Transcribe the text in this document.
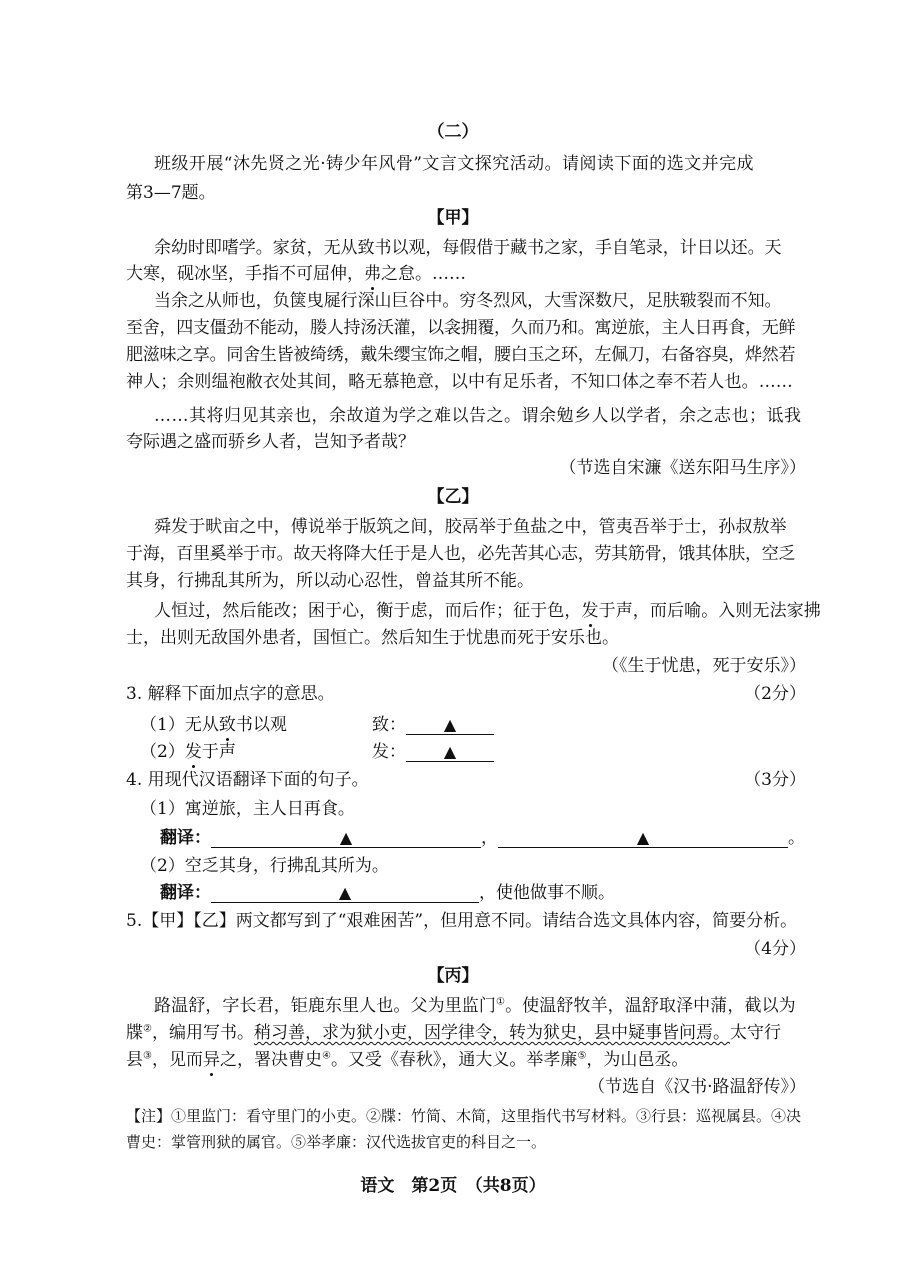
（二）
班级开展“沐先贤之光·铸少年风骨”文言文探究活动。请阅读下面的选文并完成
第3—7题。
【甲】
余幼时即嗜学。家贫，无从致书以观，每假借于藏书之家，手自笔录，计日以还。天
大寒，砚冰坚，手指不可屈伸，弗之怠。……
当余之从师也，负箧曳屣行深山巨谷中。穷冬烈风，大雪深数尺，足肤皲裂而不知。
至舍，四支僵劲不能动，媵人持汤沃灌，以衾拥覆，久而乃和。寓逆旅，主人日再食，无鲜
肥滋味之享。同舍生皆被绮绣，戴朱缨宝饰之帽，腰白玉之环，左佩刀，右备容臭，烨然若
神人；余则缊袍敝衣处其间，略无慕艳意，以中有足乐者，不知口体之奉不若人也。……
……其将归见其亲也，余故道为学之难以告之。谓余勉乡人以学者，余之志也；诋我
夸际遇之盛而骄乡人者，岂知予者哉？
（节选自宋濂《送东阳马生序》）
【乙】
舜发于畎亩之中，傅说举于版筑之间，胶鬲举于鱼盐之中，管夷吾举于士，孙叔敖举
于海，百里奚举于市。故天将降大任于是人也，必先苦其心志，劳其筋骨，饿其体肤，空乏
其身，行拂乱其所为，所以动心忍性，曾益其所不能。
人恒过，然后能改；困于心，衡于虑，而后作；征于色，发于声，而后喻。入则无法家拂
士，出则无敌国外患者，国恒亡。然后知生于忧患而死于安乐也。
（《生于忧患，死于安乐》）
3. 解释下面加点字的意思。	（2分）
（1）无从致书以观	致： ▲
（2）发于声	发： ▲
4. 用现代汉语翻译下面的句子。	（3分）
（1）寓逆旅，主人日再食。
翻译：	▲	，	▲	。
（2）空乏其身，行拂乱其所为。
翻译：	▲	，使他做事不顺。
5.【甲】【乙】两文都写到了“艰难困苦”，但用意不同。请结合选文具体内容，简要分析。
（4分）
【丙】
路温舒，字长君，钜鹿东里人也。父为里监门①。使温舒牧羊，温舒取泽中蒲，截以为
牒②，编用写书。稍习善，求为狱小吏，因学律令，转为狱史，县中疑事皆问焉。太守行
县③，见而异之，署决曹史④。又受《春秋》，通大义。举孝廉⑤，为山邑丞。
（节选自《汉书·路温舒传》）
【注】①里监门：看守里门的小吏。②牒：竹简、木简，这里指代书写材料。③行县：巡视属县。④决
曹史：掌管刑狱的属官。⑤举孝廉：汉代选拔官吏的科目之一。
语文　第2页　（共8页）
